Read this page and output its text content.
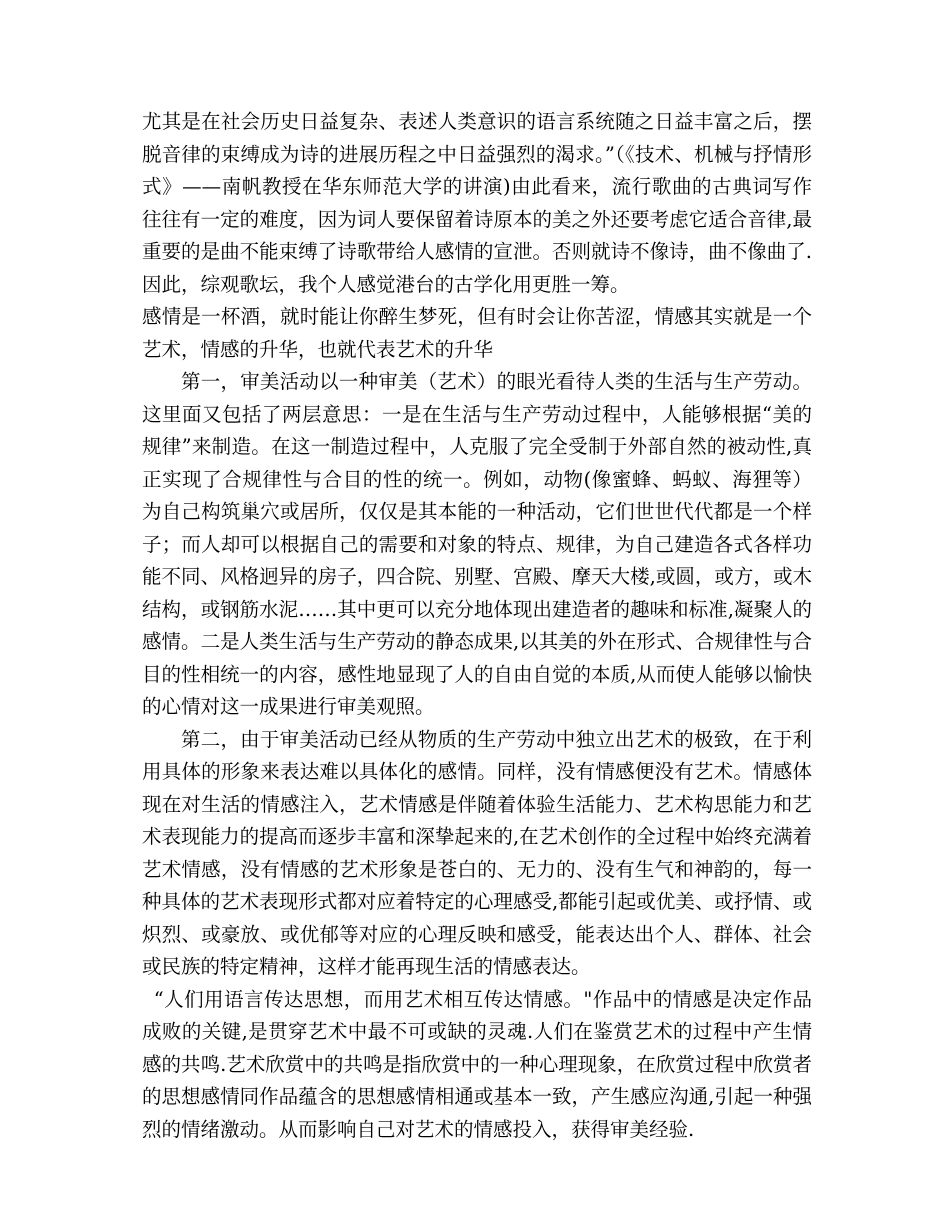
尤其是在社会历史日益复杂、表述人类意识的语言系统随之日益丰富之后，摆脱音律的束缚成为诗的进展历程之中日益强烈的渴求。”（《技术、机械与抒情形式》——南帆教授在华东师范大学的讲演)由此看来，流行歌曲的古典词写作往往有一定的难度，因为词人要保留着诗原本的美之外还要考虑它适合音律,最重要的是曲不能束缚了诗歌带给人感情的宣泄。否则就诗不像诗，曲不像曲了.因此，综观歌坛，我个人感觉港台的古学化用更胜一筹。

感情是一杯酒，就时能让你醉生梦死，但有时会让你苦涩，情感其实就是一个艺术，情感的升华，也就代表艺术的升华

第一，审美活动以一种审美（艺术）的眼光看待人类的生活与生产劳动。这里面又包括了两层意思：一是在生活与生产劳动过程中，人能够根据“美的规律”来制造。在这一制造过程中，人克服了完全受制于外部自然的被动性,真正实现了合规律性与合目的性的统一。例如，动物(像蜜蜂、蚂蚁、海狸等）为自己构筑巢穴或居所，仅仅是其本能的一种活动，它们世世代代都是一个样子；而人却可以根据自己的需要和对象的特点、规律，为自己建造各式各样功能不同、风格迥异的房子，四合院、别墅、宫殿、摩天大楼,或圆，或方，或木结构，或钢筋水泥……其中更可以充分地体现出建造者的趣味和标准,凝聚人的感情。二是人类生活与生产劳动的静态成果,以其美的外在形式、合规律性与合目的性相统一的内容，感性地显现了人的自由自觉的本质,从而使人能够以愉快的心情对这一成果进行审美观照。

第二，由于审美活动已经从物质的生产劳动中独立出艺术的极致，在于利用具体的形象来表达难以具体化的感情。同样，没有情感便没有艺术。情感体现在对生活的情感注入，艺术情感是伴随着体验生活能力、艺术构思能力和艺术表现能力的提高而逐步丰富和深挚起来的,在艺术创作的全过程中始终充满着艺术情感，没有情感的艺术形象是苍白的、无力的、没有生气和神韵的，每一种具体的艺术表现形式都对应着特定的心理感受,都能引起或优美、或抒情、或炽烈、或豪放、或优郁等对应的心理反映和感受，能表达出个人、群体、社会或民族的特定精神，这样才能再现生活的情感表达。

“人们用语言传达思想，而用艺术相互传达情感。"作品中的情感是决定作品成败的关键,是贯穿艺术中最不可或缺的灵魂.人们在鉴赏艺术的过程中产生情感的共鸣.艺术欣赏中的共鸣是指欣赏中的一种心理现象，在欣赏过程中欣赏者的思想感情同作品蕴含的思想感情相通或基本一致，产生感应沟通,引起一种强烈的情绪激动。从而影响自己对艺术的情感投入，获得审美经验.
